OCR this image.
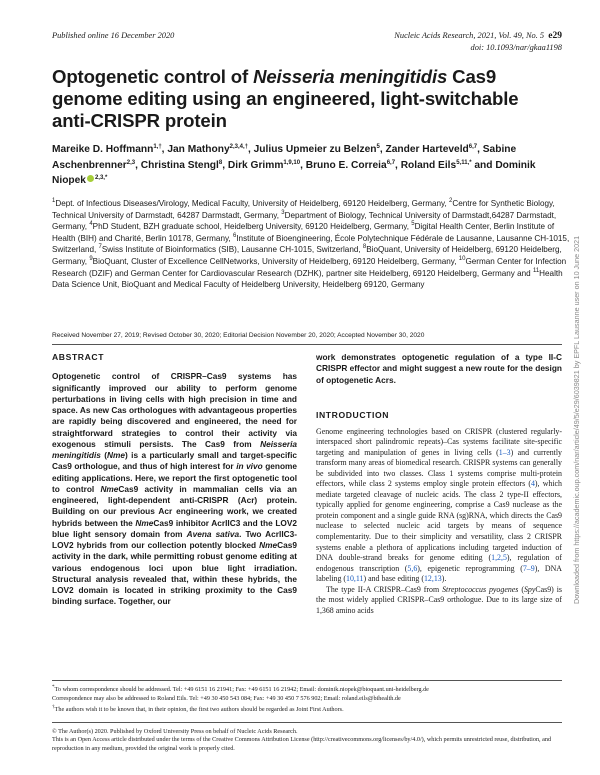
Published online 16 December 2020	Nucleic Acids Research, 2021, Vol. 49, No. 5 e29
doi: 10.1093/nar/gkaa1198
Optogenetic control of Neisseria meningitidis Cas9 genome editing using an engineered, light-switchable anti-CRISPR protein
Mareike D. Hoffmann$^{1,\dagger}$, Jan Mathony$^{2,3,4,\dagger}$, Julius Upmeier zu Belzen$^5$, Zander Harteveld$^{6,7}$, Sabine Aschenbrenner$^{2,3}$, Christina Stengl$^8$, Dirk Grimm$^{1,9,10}$, Bruno E. Correia$^{6,7}$, Roland Eils$^{5,11,*}$ and Dominik Niopek $^{2,3,*}$
$^1$Dept. of Infectious Diseases/Virology, Medical Faculty, University of Heidelberg, 69120 Heidelberg, Germany, $^2$Centre for Synthetic Biology, Technical University of Darmstadt, 64287 Darmstadt, Germany, $^3$Department of Biology, Technical University of Darmstadt,64287 Darmstadt, Germany, $^4$PhD Student, BZH graduate school, Heidelberg University, 69120 Heidelberg, Germany, $^5$Digital Health Center, Berlin Institute of Health (BIH) and Charité, Berlin 10178, Germany, $^6$Institute of Bioengineering, École Polytechnique Fédérale de Lausanne, Lausanne CH-1015, Switzerland, $^7$Swiss Institute of Bioinformatics (SIB), Lausanne CH-1015, Switzerland, $^8$BioQuant, University of Heidelberg, 69120 Heidelberg, Germany, $^9$BioQuant, Cluster of Excellence CellNetworks, University of Heidelberg, 69120 Heidelberg, Germany, $^{10}$German Center for Infection Research (DZIF) and German Center for Cardiovascular Research (DZHK), partner site Heidelberg, 69120 Heidelberg, Germany and $^{11}$Health Data Science Unit, BioQuant and Medical Faculty of Heidelberg University, Heidelberg 69120, Germany
Received November 27, 2019; Revised October 30, 2020; Editorial Decision November 20, 2020; Accepted November 30, 2020

ABSTRACT

Optogenetic control of CRISPR–Cas9 systems has significantly improved our ability to perform genome perturbations in living cells with high precision in time and space. As new Cas orthologues with advantageous properties are rapidly being discovered and engineered, the need for straightforward strategies to control their activity via exogenous stimuli persists. The Cas9 from Neisseria meningitidis (Nme) is a particularly small and target-specific Cas9 orthologue, and thus of high interest for in vivo genome editing applications. Here, we report the first optogenetic tool to control NmeCas9 activity in mammalian cells via an engineered, light-dependent anti-CRISPR (Acr) protein. Building on our previous Acr engineering work, we created hybrids between the NmeCas9 inhibitor AcrIIC3 and the LOV2 blue light sensory domain from Avena sativa. Two AcrIIC3-LOV2 hybrids from our collection potently blocked NmeCas9 activity in the dark, while permitting robust genome editing at various endogenous loci upon blue light irradiation. Structural analysis revealed that, within these hybrids, the LOV2 domain is located in striking proximity to the Cas9 binding surface. Together, our

work demonstrates optogenetic regulation of a type II-C CRISPR effector and might suggest a new route for the design of optogenetic Acrs.

INTRODUCTION

Genome engineering technologies based on CRISPR (clustered regularly-interspaced short palindromic repeats)–Cas systems facilitate site-specific targeting and manipulation of genes in living cells (1–3) and currently transform many areas of biomedical research. CRISPR systems can generally be subdivided into two classes. Class 1 systems comprise multi-protein effectors, while class 2 systems employ single protein effectors (4), which mediate targeted cleavage of nucleic acids. The class 2 type-II effectors, typically applied for genome engineering, comprise a Cas9 nuclease as the protein component and a single guide RNA (sg)RNA, which directs the Cas9 nuclease to selected nucleic acid targets by means of sequence complementarity. Due to their simplicity and versatility, class 2 CRISPR systems enable a plethora of applications including targeted induction of DNA double-strand breaks for genome editing (1,2,5), regulation of endogenous transcription (5,6), epigenetic reprogramming (7–9), DNA labeling (10,11) and base editing (12,13).

The type II-A CRISPR–Cas9 from Streptococcus pyogenes (SpyCas9) is the most widely applied CRISPR–Cas9 orthologue. Due to its large size of 1,368 amino acids

*To whom correspondence should be addressed. Tel: +49 6151 16 21941; Fax: +49 6151 16 21942; Email: dominik.niopek@bioquant.uni-heidelberg.de
Correspondence may also be addressed to Roland Eils. Tel: +49 30 450 543 084; Fax: +49 30 450 7 576 902; Email: roland.eils@bihealth.de
†The authors wish it to be known that, in their opinion, the first two authors should be regarded as Joint First Authors.
© The Author(s) 2020. Published by Oxford University Press on behalf of Nucleic Acids Research.
This is an Open Access article distributed under the terms of the Creative Commons Attribution License (http://creativecommons.org/licenses/by/4.0/), which permits unrestricted reuse, distribution, and reproduction in any medium, provided the original work is properly cited.
Downloaded from https://academic.oup.com/nar/article/49/5/e29/6039821 by EPFL Lausanne user on 10 June 2021
